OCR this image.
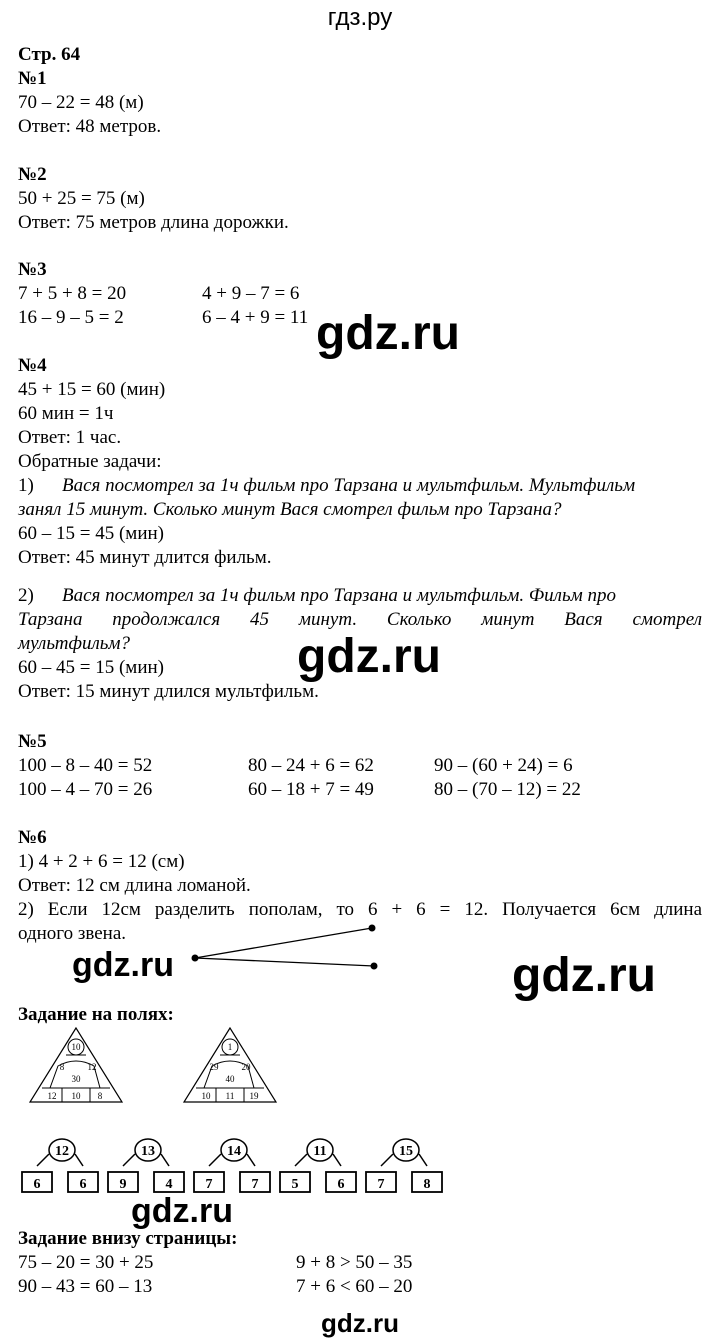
гдз.ру
Стр. 64
№1
70 – 22 = 48 (м)
Ответ: 48 метров.
№2
50 + 25 = 75 (м)
Ответ: 75 метров длина дорожки.
№3
7 + 5 + 8 = 20	4 + 9 – 7 = 6
16 – 9 – 5 = 2	6 – 4 + 9 = 11 gdz.ru
№4
45 + 15 = 60 (мин)
60 мин = 1ч
Ответ: 1 час.
Обратные задачи:
1) Вася посмотрел за 1ч фильм про Тарзана и мультфильм. Мультфильм
занял 15 минут. Сколько минут Вася смотрел фильм про Тарзана?
60 – 15 = 45 (мин)
Ответ: 45 минут длится фильм.
2) Вася посмотрел за 1ч фильм про Тарзана и мультфильм. Фильм про
Тарзана продолжался 45 минут. Сколько минут Вася смотрел
мультфильм?
60 – 45 = 15 (мин)
Ответ: 15 минут длился мультфильм.
gdz.ru
№5
100 – 8 – 40 = 52	80 – 24 + 6 = 62	90 – (60 + 24) = 6
100 – 4 – 70 = 26	60 – 18 + 7 = 49	80 – (70 – 12) = 22
№6
1) 4 + 2 + 6 = 12 (см)
Ответ: 12 см длина ломаной.
2) Если 12см разделить пополам, то 6 + 6 = 12. Получается 6см длина
одного звена.
gdz.ru	gdz.ru
Задание на полях:
10
8	12
30
12 10 8
1
29	20
40
10 11 19
12
6	6
13
9	4
14
7	7
11
5	6
15
7	8
gdz.ru
Задание внизу страницы:
75 – 20 = 30 + 25	9 + 8 > 50 – 35
90 – 43 = 60 – 13	7 + 6 < 60 – 20
gdz.ru
